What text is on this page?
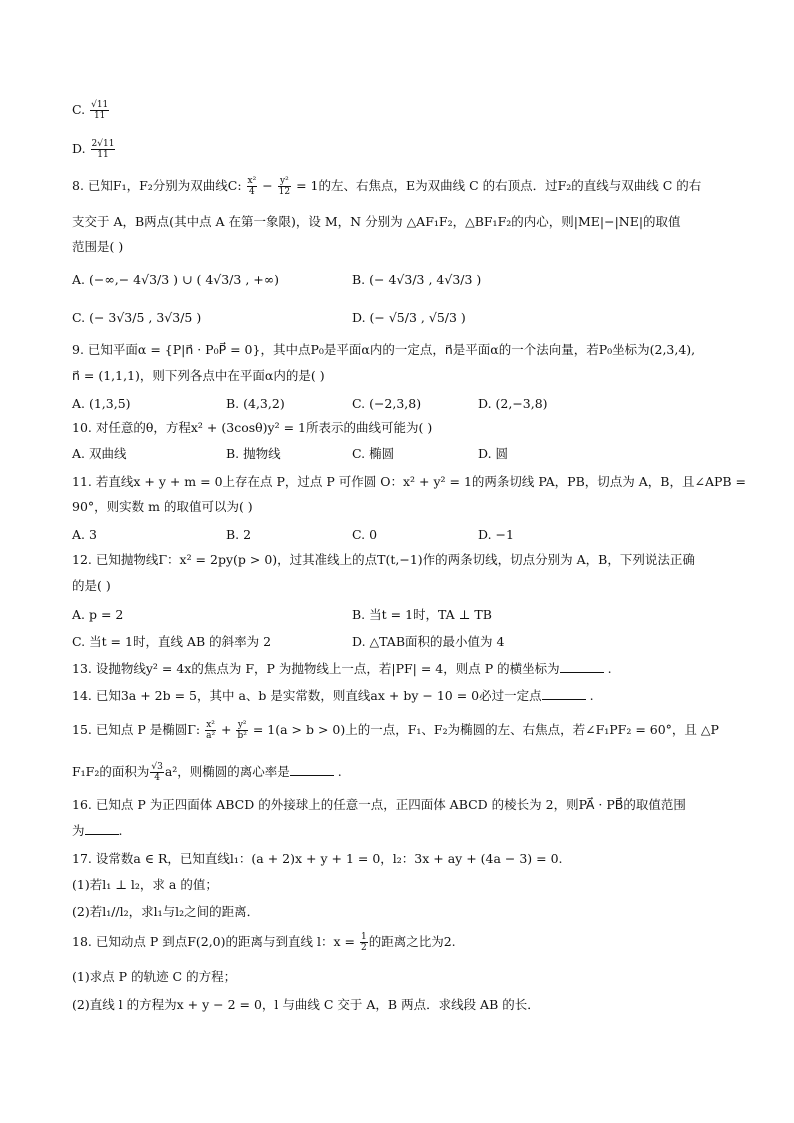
C. $\frac{√11}{11}$
D. $\frac{2√11}{11}$
8. 已知F₁，F₂分别为双曲线C: $\frac{\text{x²}}{4} - \frac{\text{y²}}{12} = 1$的左、右焦点，E为双曲线 C 的右顶点．过F₂的直线与双曲线 C 的右
支交于 A，B两点(其中点 A 在第一象限)，设 M，N 分别为 △AF₁F₂，△BF₁F₂的内心，则|ME|−|NE|的取值
范围是( )
A. (−∞,− 4√3/3 ) ∪ ( 4√3/3 , +∞)	B. (− 4√3/3 , 4√3/3 )
C. (− 3√3/5 , 3√3/5 )	D. (− √5/3 , √5/3 )
9. 已知平面α = {P|n⃗ · P₀P⃗ = 0}，其中点P₀是平面α内的一定点，n⃗是平面α的一个法向量，若P₀坐标为(2,3,4),
n⃗ = (1,1,1)，则下列各点中在平面α内的是( )
A. (1,3,5)	B. (4,3,2)	C. (−2,3,8)	D. (2,−3,8)
10. 对任意的θ，方程x² + (3cosθ)y² = 1所表示的曲线可能为( )
A. 双曲线	B. 抛物线	C. 椭圆	D. 圆
11. 若直线x + y + m = 0上存在点 P，过点 P 可作圆 O：x² + y² = 1的两条切线 PA，PB，切点为 A，B，且∠APB =
90°，则实数 m 的取值可以为( )
A. 3	B. 2	C. 0	D. −1
12. 已知抛物线Γ：x² = 2py(p > 0)，过其准线上的点T(t,−1)作的两条切线，切点分别为 A，B，下列说法正确
的是( )
A. p = 2	B. 当t = 1时，TA ⊥ TB
C. 当t = 1时，直线 AB 的斜率为 2	D. △TAB面积的最小值为 4
13. 设抛物线y² = 4x的焦点为 F，P 为抛物线上一点，若|PF| = 4，则点 P 的横坐标为	.
14. 已知3a + 2b = 5，其中 a、b 是实常数，则直线ax + by − 10 = 0必过一定点	.
15. 已知点 P 是椭圆Γ: $\frac{\text{x²}}{\text{a²}} + \frac{\text{y²}}{\text{b²}} = 1(a > b > 0)$上的一点，F₁、F₂为椭圆的左、右焦点，若∠F₁PF₂ = 60°，且 △P
F₁F₂的面积为 $\frac{√3}{4} a^2$，则椭圆的离心率是	.
16. 已知点 P 为正四面体 ABCD 的外接球上的任意一点，正四面体 ABCD 的棱长为 2，则PA⃗ · PB⃗的取值范围
为	.
17. 设常数a ∈ R，已知直线l₁：(a + 2)x + y + 1 = 0，l₂：3x + ay + (4a − 3) = 0.
(1)若l₁ ⊥ l₂，求 a 的值；
(2)若l₁//l₂，求l₁与l₂之间的距离．
18. 已知动点 P 到点F(2,0)的距离与到直线 l：$x = \frac{1}{2}$ 的距离之比为2.
(1)求点 P 的轨迹 C 的方程；
(2)直线 l 的方程为x + y − 2 = 0，l 与曲线 C 交于 A，B 两点．求线段 AB 的长．
